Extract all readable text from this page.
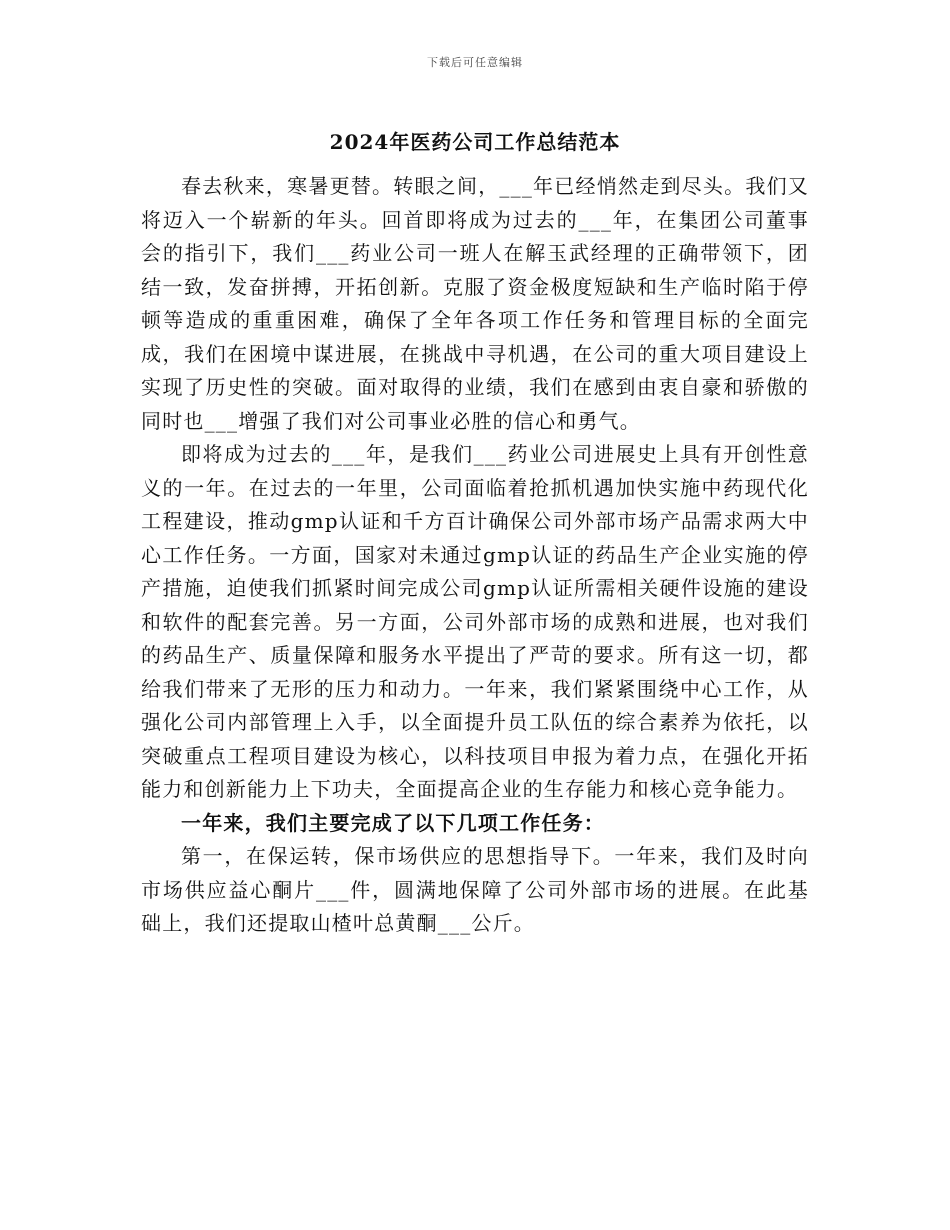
下载后可任意编辑
2024年医药公司工作总结范本

春去秋来，寒暑更替。转眼之间，___年已经悄然走到尽头。我们又将迈入一个崭新的年头。回首即将成为过去的___年，在集团公司董事会的指引下，我们___药业公司一班人在解玉武经理的正确带领下，团结一致，发奋拼搏，开拓创新。克服了资金极度短缺和生产临时陷于停顿等造成的重重困难，确保了全年各项工作任务和管理目标的全面完成，我们在困境中谋进展，在挑战中寻机遇，在公司的重大项目建设上实现了历史性的突破。面对取得的业绩，我们在感到由衷自豪和骄傲的同时也___增强了我们对公司事业必胜的信心和勇气。

即将成为过去的___年，是我们___药业公司进展史上具有开创性意义的一年。在过去的一年里，公司面临着抢抓机遇加快实施中药现代化工程建设，推动gmp认证和千方百计确保公司外部市场产品需求两大中心工作任务。一方面，国家对未通过gmp认证的药品生产企业实施的停产措施，迫使我们抓紧时间完成公司gmp认证所需相关硬件设施的建设和软件的配套完善。另一方面，公司外部市场的成熟和进展，也对我们的药品生产、质量保障和服务水平提出了严苛的要求。所有这一切，都给我们带来了无形的压力和动力。一年来，我们紧紧围绕中心工作，从强化公司内部管理上入手，以全面提升员工队伍的综合素养为依托，以突破重点工程项目建设为核心，以科技项目申报为着力点，在强化开拓能力和创新能力上下功夫，全面提高企业的生存能力和核心竞争能力。

一年来，我们主要完成了以下几项工作任务：

第一，在保运转，保市场供应的思想指导下。一年来，我们及时向市场供应益心酮片___件，圆满地保障了公司外部市场的进展。在此基础上，我们还提取山楂叶总黄酮___公斤。
